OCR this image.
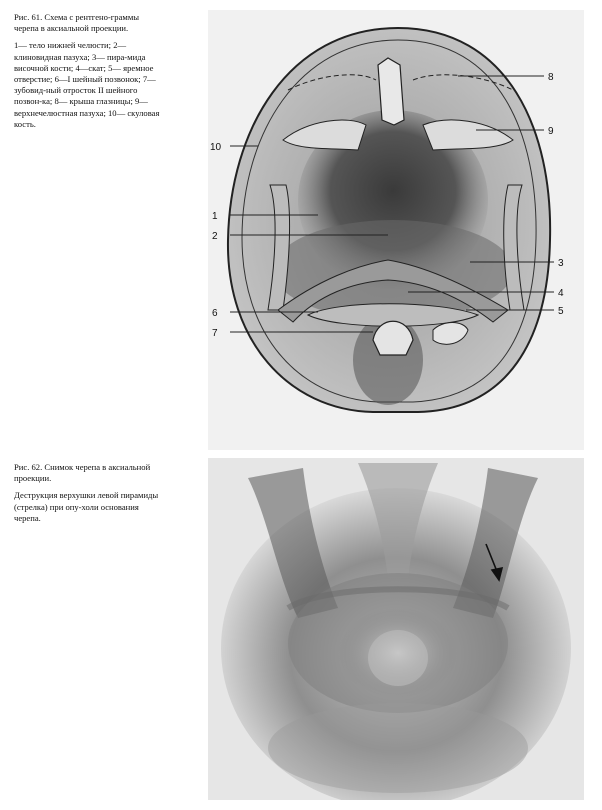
Рис. 61. Схема с рентгено-граммы черепа в аксиальной проекции.

1— тело нижней челюсти; 2— клиновидная пазуха; 3— пира-мида височной кости; 4—скат; 5— яремное отверстие; 6—I шейный позвонок; 7— зубовид-ный отросток II шейного позвон-ка; 8— крыша глазницы; 9— верхнечелюстная пазуха; 10— скуловая кость.

1
2
3
4
5
6
7
8
9
10

Рис. 62. Снимок черепа в аксиальной проекции.

Деструкция верхушки левой пирамиды (стрелка) при опу-холи основания черепа.
